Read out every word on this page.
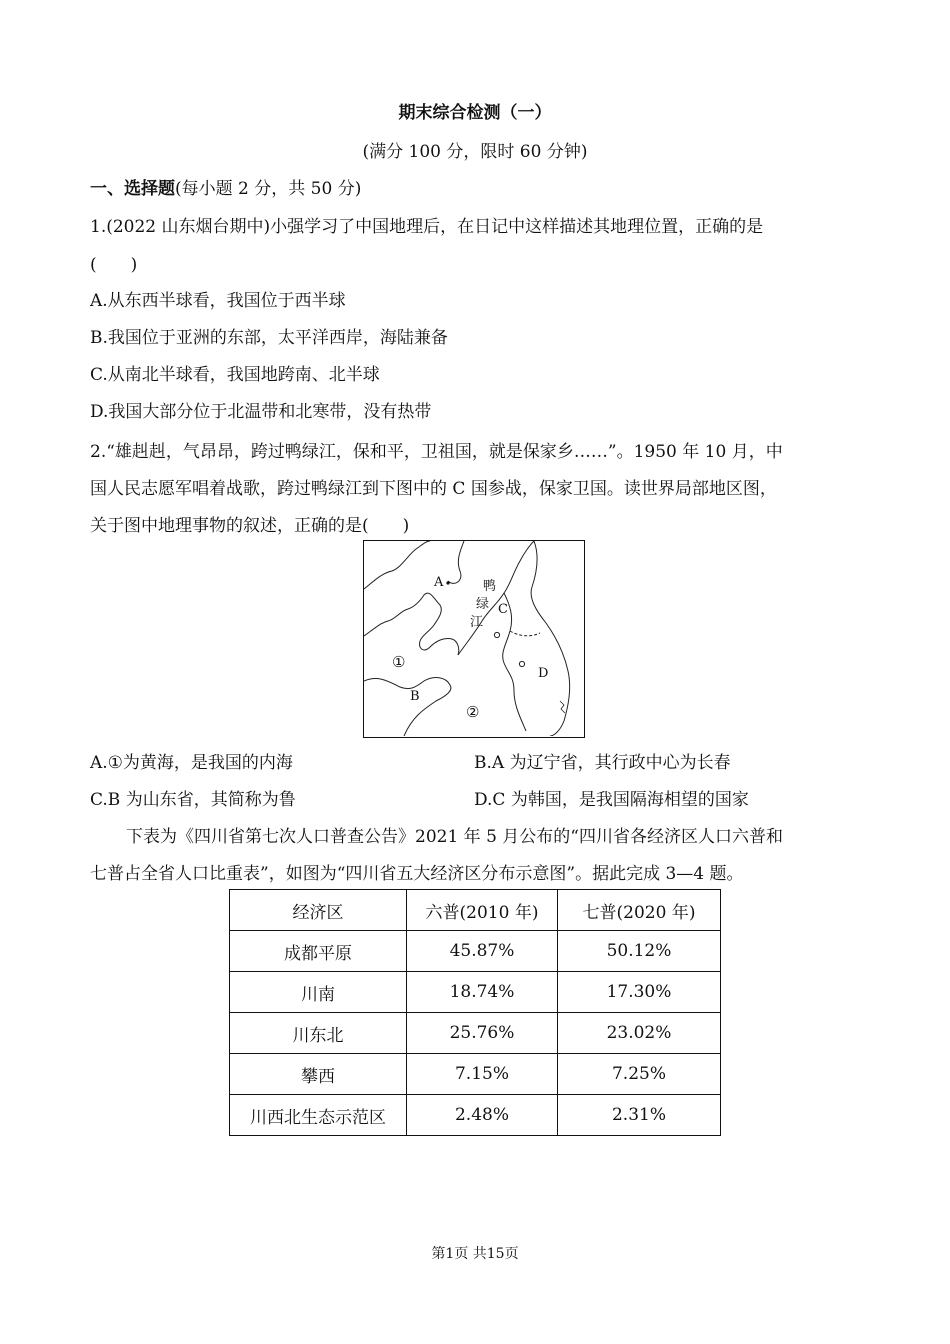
期末综合检测（一）
(满分 100 分，限时 60 分钟)
一、选择题(每小题 2 分，共 50 分)
1.(2022 山东烟台期中)小强学习了中国地理后，在日记中这样描述其地理位置，正确的是
(　　)
A.从东西半球看，我国位于西半球
B.我国位于亚洲的东部，太平洋西岸，海陆兼备
C.从南北半球看，我国地跨南、北半球
D.我国大部分位于北温带和北寒带，没有热带
2.“雄赳赳，气昂昂，跨过鸭绿江，保和平，卫祖国，就是保家乡……”。1950 年 10 月，中
国人民志愿军唱着战歌，跨过鸭绿江到下图中的 C 国参战，保家卫国。读世界局部地区图，
关于图中地理事物的叙述，正确的是(　　)
A	鸭
绿
江
C
D
①
B
②
A.①为黄海，是我国的内海	B.A 为辽宁省，其行政中心为长春
C.B 为山东省，其简称为鲁	D.C 为韩国，是我国隔海相望的国家
下表为《四川省第七次人口普查公告》2021 年 5 月公布的“四川省各经济区人口六普和
七普占全省人口比重表”，如图为“四川省五大经济区分布示意图”。据此完成 3—4 题。
经济区	六普(2010 年)	七普(2020 年)
成都平原	45.87%	50.12%
川南	18.74%	17.30%
川东北	25.76%	23.02%
攀西	7.15%	7.25%
川西北生态示范区	2.48%	2.31%
第1页 共15页
